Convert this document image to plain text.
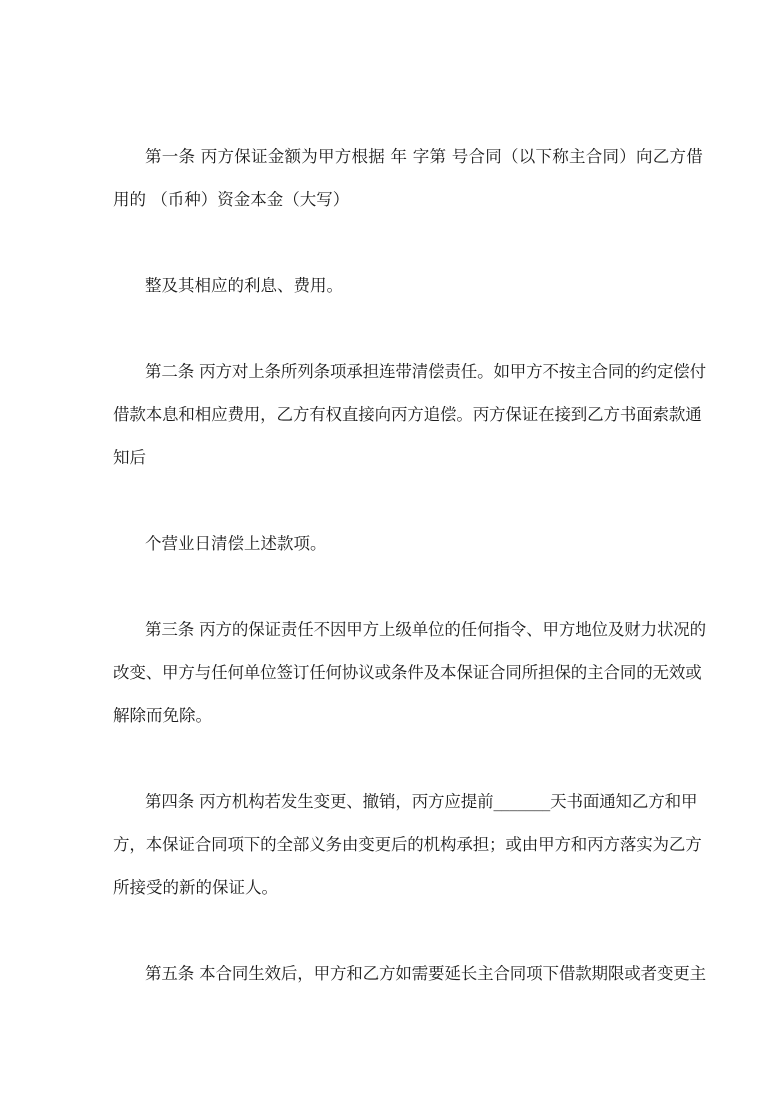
第一条 丙方保证金额为甲方根据 年 字第 号合同（以下称主合同）向乙方借
用的 （币种）资金本金（大写）
整及其相应的利息、费用。
第二条 丙方对上条所列条项承担连带清偿责任。如甲方不按主合同的约定偿付
借款本息和相应费用，乙方有权直接向丙方追偿。丙方保证在接到乙方书面索款通
知后
个营业日清偿上述款项。
第三条 丙方的保证责任不因甲方上级单位的任何指令、甲方地位及财力状况的
改变、甲方与任何单位签订任何协议或条件及本保证合同所担保的主合同的无效或
解除而免除。
第四条 丙方机构若发生变更、撤销，丙方应提前_______天书面通知乙方和甲
方，本保证合同项下的全部义务由变更后的机构承担；或由甲方和丙方落实为乙方
所接受的新的保证人。
第五条 本合同生效后，甲方和乙方如需要延长主合同项下借款期限或者变更主
